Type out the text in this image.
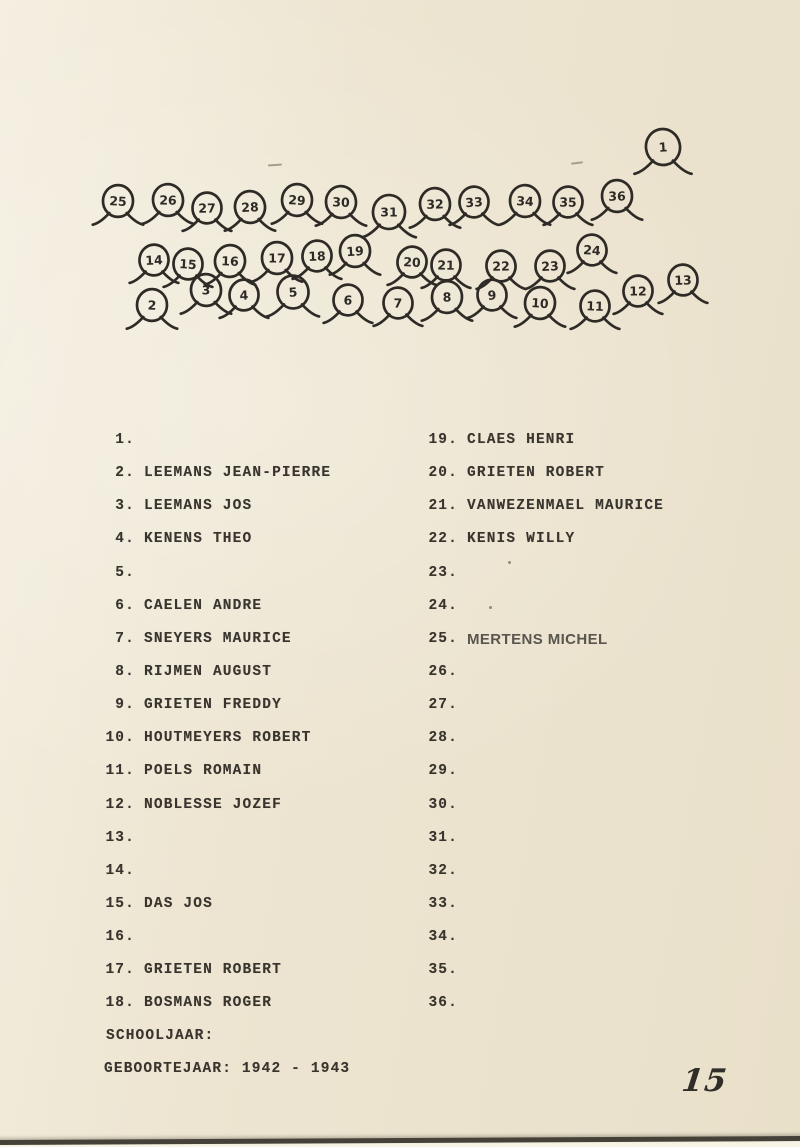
1
25	26
27 28 29 30
31
32 33	34 35	36
14 15 16 17 18 19
20 21	22 23
24
2
3 4	5
6	7	8	9	10	11
12
13
1.
2. LEEMANS JEAN-PIERRE
3. LEEMANS JOS
4. KENENS THEO
5.
6. CAELEN ANDRE
7. SNEYERS MAURICE
8. RIJMEN AUGUST
9. GRIETEN FREDDY
10. HOUTMEYERS ROBERT
11. POELS ROMAIN
12. NOBLESSE JOZEF
13.
14.
15. DAS JOS
16.
17. GRIETEN ROBERT
18. BOSMANS ROGER
19. CLAES HENRI
20. GRIETEN ROBERT
21. VANWEZENMAEL MAURICE
22. KENIS WILLY
23.
24.
25. MERTENS MICHEL
26.
27.
28.
29.
30.
31.
32.
33.
34.
35.
36.
SCHOOLJAAR:
GEBOORTEJAAR: 1942 - 1943	15
